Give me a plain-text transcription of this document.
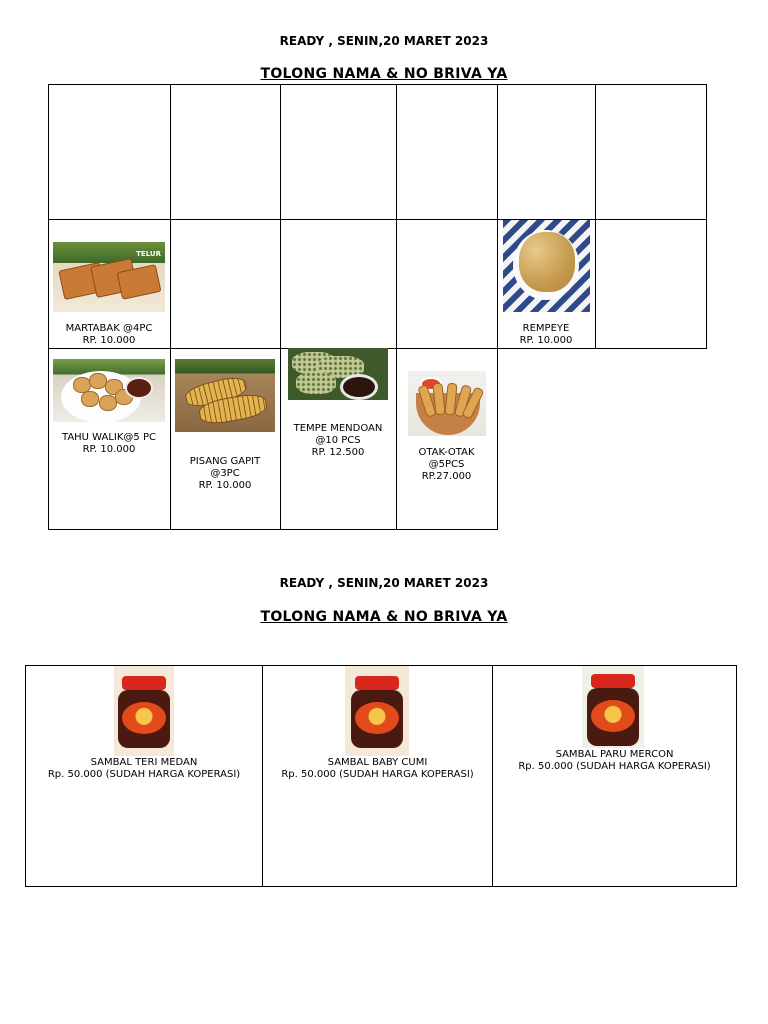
READY , SENIN,20 MARET 2023
TOLONG NAMA & NO BRIVA YA
TELUR
MARTABAK @4PC
RP. 10.000
REMPEYE
RP. 10.000
TAHU WALIK@5 PC
RP. 10.000
PISANG GAPIT
@3PC
RP. 10.000
TEMPE MENDOAN
@10 PCS
RP. 12.500	OTAK-OTAK
@5PCS
RP.27.000
READY , SENIN,20 MARET 2023
TOLONG NAMA & NO BRIVA YA
SAMBAL TERI MEDAN
Rp. 50.000 (SUDAH HARGA KOPERASI)
SAMBAL BABY CUMI
Rp. 50.000 (SUDAH HARGA KOPERASI)
SAMBAL PARU MERCON
Rp. 50.000 (SUDAH HARGA KOPERASI)
